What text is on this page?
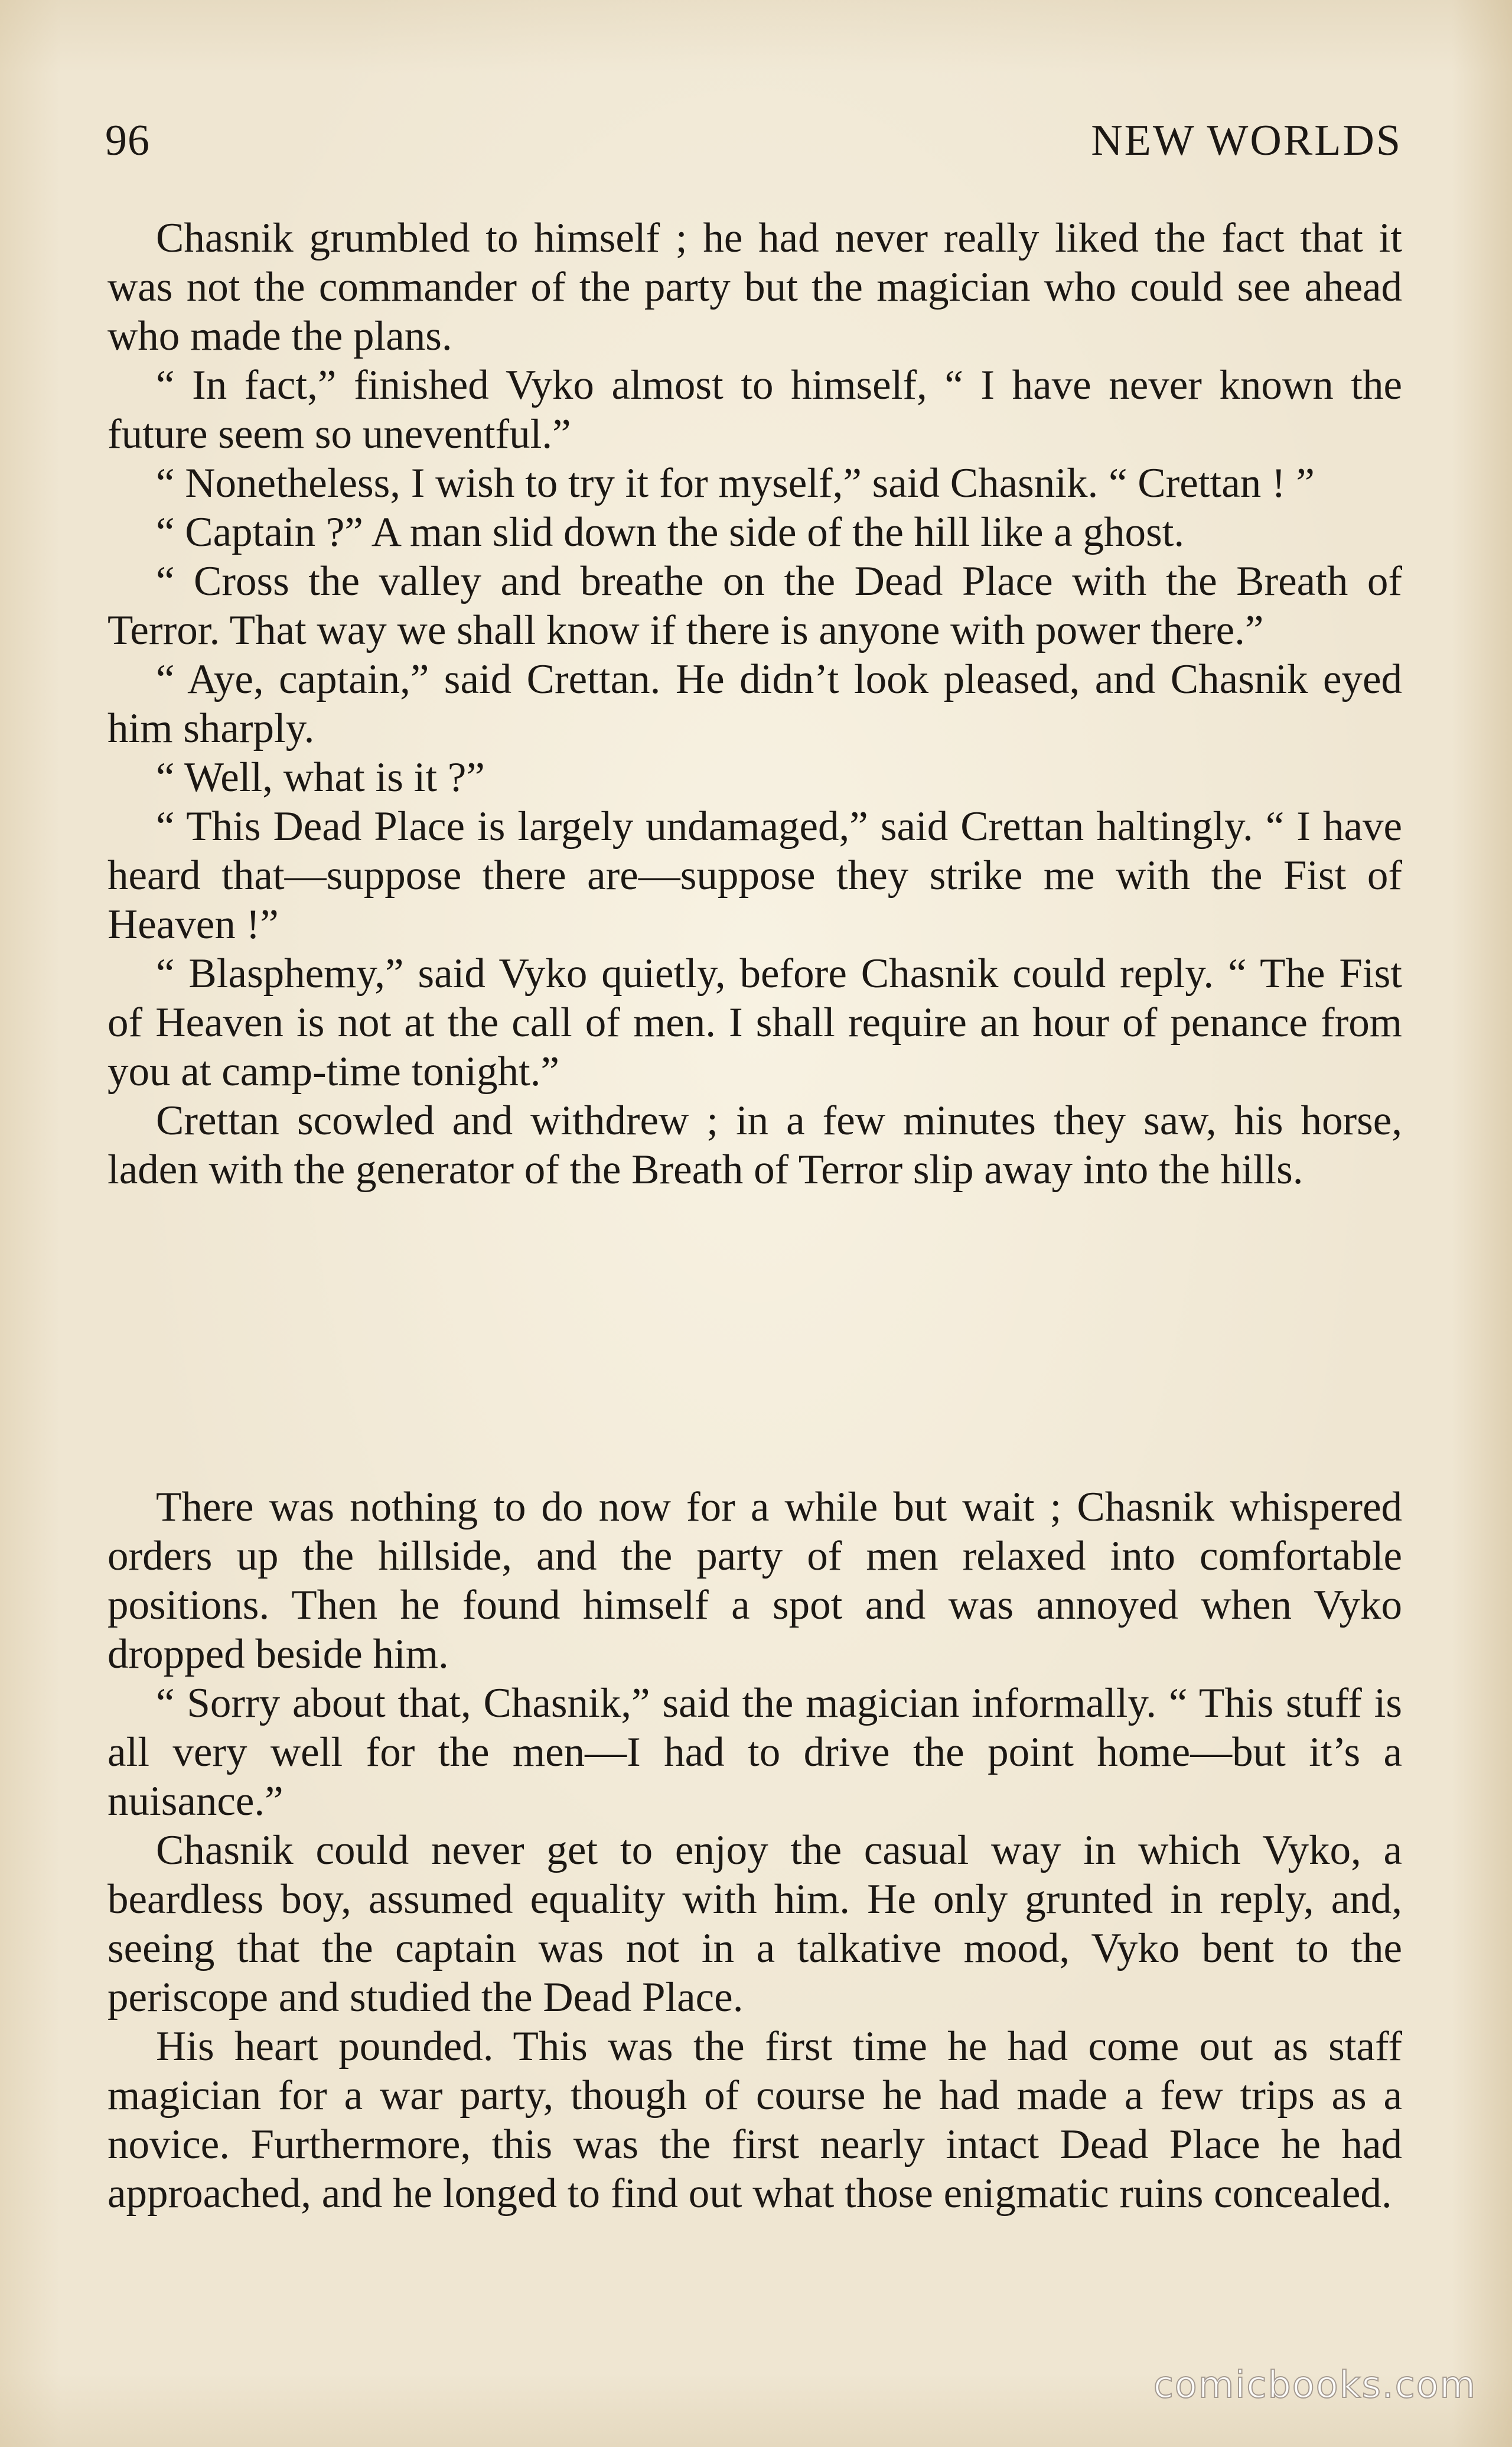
96	NEW WORLDS

Chasnik grumbled to himself ; he had never really liked the fact that it was not the commander of the party but the magician who could see ahead who made the plans.

“ In fact,” finished Vyko almost to himself, “ I have never known the future seem so uneventful.”

“ Nonetheless, I wish to try it for myself,” said Chasnik. “ Crettan ! ”

“ Captain ?” A man slid down the side of the hill like a ghost.

“ Cross the valley and breathe on the Dead Place with the Breath of Terror. That way we shall know if there is anyone with power there.”

“ Aye, captain,” said Crettan. He didn’t look pleased, and Chasnik eyed him sharply.

“ Well, what is it ?”

“ This Dead Place is largely undamaged,” said Crettan haltingly. “ I have heard that—suppose there are—suppose they strike me with the Fist of Heaven !”

“ Blasphemy,” said Vyko quietly, before Chasnik could reply. “ The Fist of Heaven is not at the call of men. I shall require an hour of penance from you at camp-time tonight.”

Crettan scowled and withdrew ; in a few minutes they saw, his horse, laden with the generator of the Breath of Terror slip away into the hills.

There was nothing to do now for a while but wait ; Chasnik whispered orders up the hillside, and the party of men relaxed into comfortable positions. Then he found himself a spot and was annoyed when Vyko dropped beside him.

“ Sorry about that, Chasnik,” said the magician informally. “ This stuff is all very well for the men—I had to drive the point home—but it’s a nuisance.”

Chasnik could never get to enjoy the casual way in which Vyko, a beardless boy, assumed equality with him. He only grunted in reply, and, seeing that the captain was not in a talkative mood, Vyko bent to the periscope and studied the Dead Place.

His heart pounded. This was the first time he had come out as staff magician for a war party, though of course he had made a few trips as a novice. Furthermore, this was the first nearly intact Dead Place he had approached, and he longed to find out what those enigmatic ruins concealed.

comicbooks.com
